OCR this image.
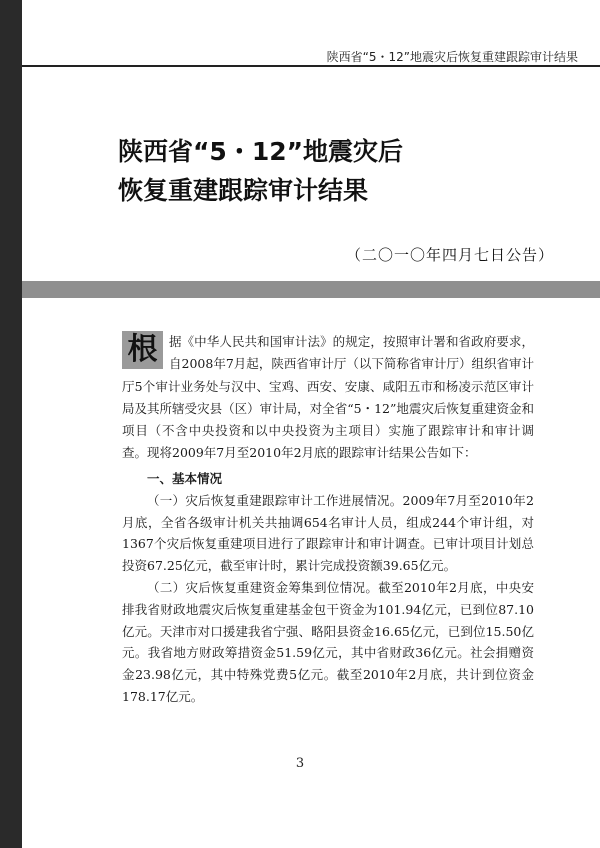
陕西省“5・12”地震灾后恢复重建跟踪审计结果
陕西省“5・12”地震灾后
恢复重建跟踪审计结果
（二〇一〇年四月七日公告）

根 据《中华人民共和国审计法》的规定，按照审计署和省政府要求，自2008年7月起，陕西省审计厅（以下简称省审计厅）组织省审计厅5个审计业务处与汉中、宝鸡、西安、安康、咸阳五市和杨凌示范区审计局及其所辖受灾县（区）审计局，对全省“5・12”地震灾后恢复重建资金和项目（不含中央投资和以中央投资为主项目）实施了跟踪审计和审计调查。现将2009年7月至2010年2月底的跟踪审计结果公告如下：

一、基本情况

（一）灾后恢复重建跟踪审计工作进展情况。2009年7月至2010年2月底，全省各级审计机关共抽调654名审计人员，组成244个审计组，对1367个灾后恢复重建项目进行了跟踪审计和审计调查。已审计项目计划总投资67.25亿元，截至审计时，累计完成投资额39.65亿元。

（二）灾后恢复重建资金筹集到位情况。截至2010年2月底，中央安排我省财政地震灾后恢复重建基金包干资金为101.94亿元，已到位87.10亿元。天津市对口援建我省宁强、略阳县资金16.65亿元，已到位15.50亿元。我省地方财政筹措资金51.59亿元，其中省财政36亿元。社会捐赠资金23.98亿元，其中特殊党费5亿元。截至2010年2月底，共计到位资金178.17亿元。

3
